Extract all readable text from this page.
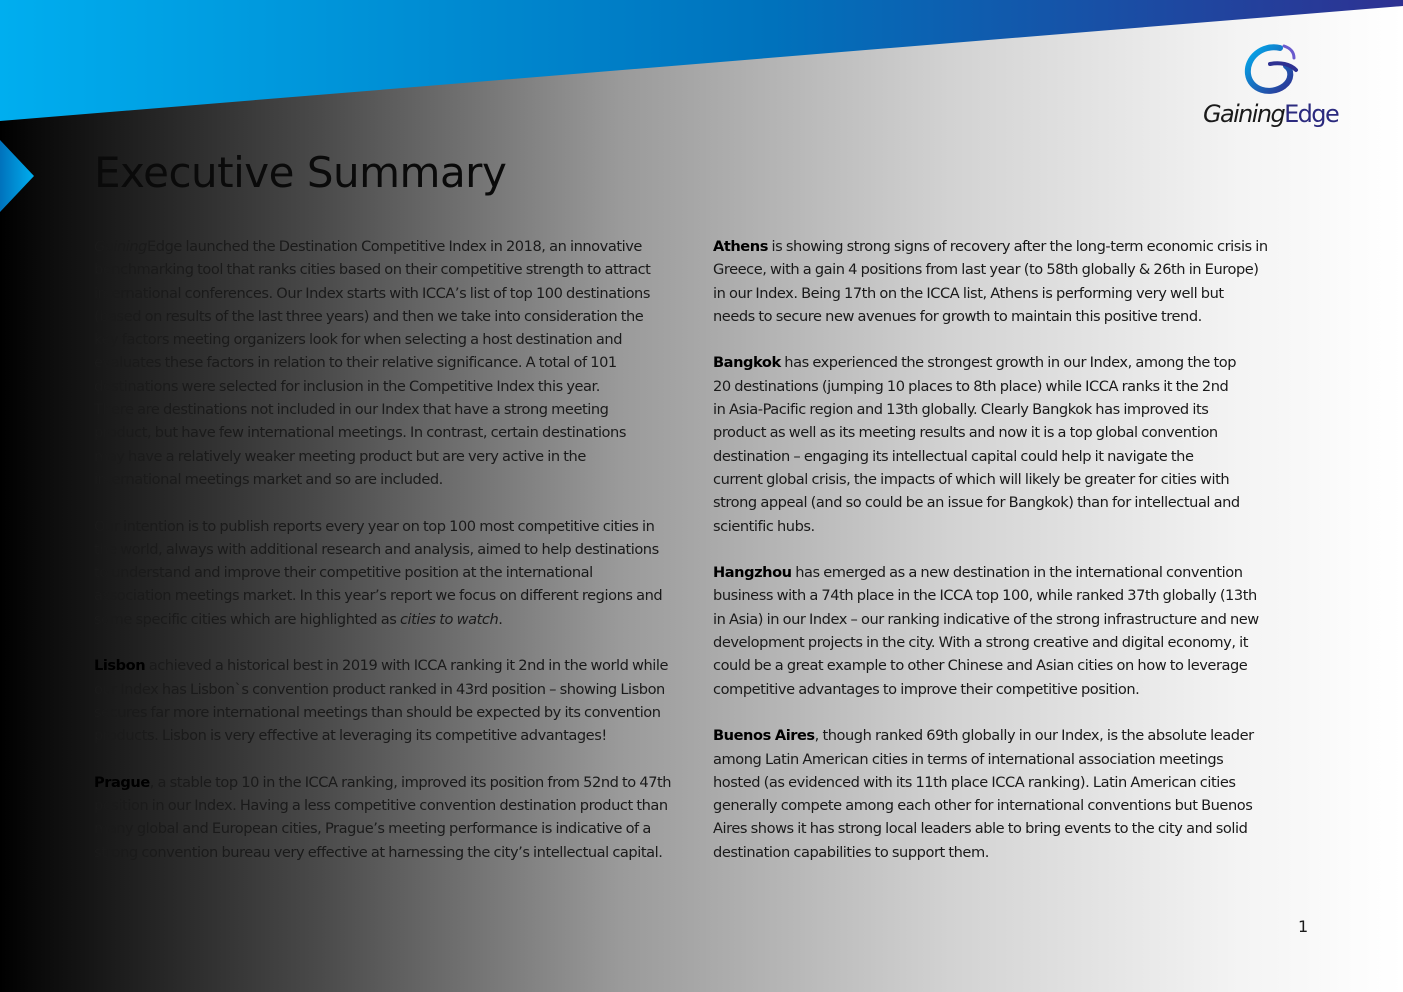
GainingEdge
Executive Summary

GainingEdge launched the Destination Competitive Index in 2018, an innovative
benchmarking tool that ranks cities based on their competitive strength to attract
international conferences. Our Index starts with ICCA’s list of top 100 destinations
(based on results of the last three years) and then we take into consideration the
key factors meeting organizers look for when selecting a host destination and
evaluates these factors in relation to their relative significance. A total of 101
destinations were selected for inclusion in the Competitive Index this year.
There are destinations not included in our Index that have a strong meeting
product, but have few international meetings. In contrast, certain destinations
may have a relatively weaker meeting product but are very active in the
international meetings market and so are included.

Our intention is to publish reports every year on top 100 most competitive cities in
the world, always with additional research and analysis, aimed to help destinations
to understand and improve their competitive position at the international
association meetings market. In this year’s report we focus on different regions and
some specific cities which are highlighted as cities to watch.

Lisbon achieved a historical best in 2019 with ICCA ranking it 2nd in the world while
our Index has Lisbon`s convention product ranked in 43rd position – showing Lisbon
secures far more international meetings than should be expected by its convention
products. Lisbon is very effective at leveraging its competitive advantages!

Prague, a stable top 10 in the ICCA ranking, improved its position from 52nd to 47th
position in our Index. Having a less competitive convention destination product than
many global and European cities, Prague’s meeting performance is indicative of a
strong convention bureau very effective at harnessing the city’s intellectual capital.

Athens is showing strong signs of recovery after the long-term economic crisis in
Greece, with a gain 4 positions from last year (to 58th globally & 26th in Europe)
in our Index. Being 17th on the ICCA list, Athens is performing very well but
needs to secure new avenues for growth to maintain this positive trend.

Bangkok has experienced the strongest growth in our Index, among the top
20 destinations (jumping 10 places to 8th place) while ICCA ranks it the 2nd
in Asia-Pacific region and 13th globally. Clearly Bangkok has improved its
product as well as its meeting results and now it is a top global convention
destination – engaging its intellectual capital could help it navigate the
current global crisis, the impacts of which will likely be greater for cities with
strong appeal (and so could be an issue for Bangkok) than for intellectual and
scientific hubs.

Hangzhou has emerged as a new destination in the international convention
business with a 74th place in the ICCA top 100, while ranked 37th globally (13th
in Asia) in our Index – our ranking indicative of the strong infrastructure and new
development projects in the city. With a strong creative and digital economy, it
could be a great example to other Chinese and Asian cities on how to leverage
competitive advantages to improve their competitive position.

Buenos Aires, though ranked 69th globally in our Index, is the absolute leader
among Latin American cities in terms of international association meetings
hosted (as evidenced with its 11th place ICCA ranking). Latin American cities
generally compete among each other for international conventions but Buenos
Aires shows it has strong local leaders able to bring events to the city and solid
destination capabilities to support them.

1
